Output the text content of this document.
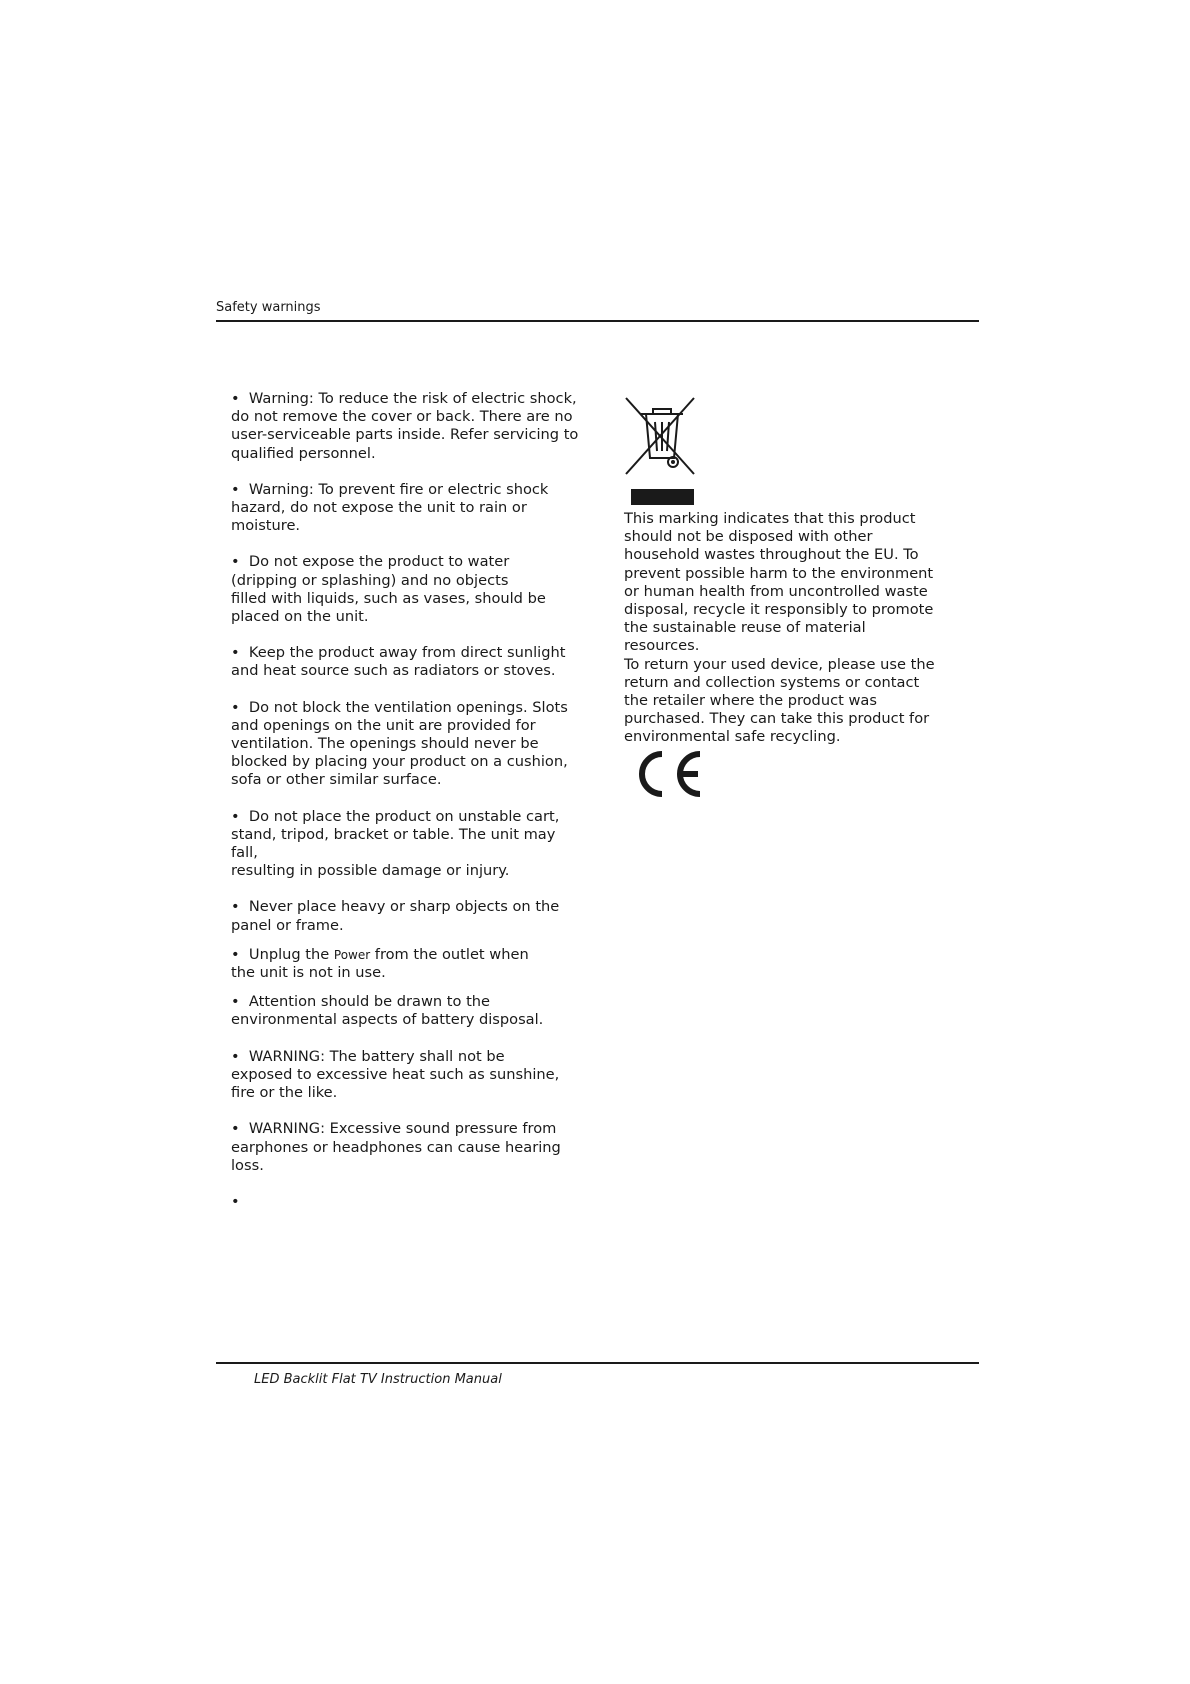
Safety warnings
•  Warning: To reduce the risk of electric shock,
do not remove the cover or back. There are no
user-serviceable parts inside. Refer servicing to
qualified personnel.
•  Warning: To prevent fire or electric shock
hazard, do not expose the unit to rain or
moisture.
•  Do not expose the product to water
(dripping or splashing) and no objects
filled with liquids, such as vases, should be
placed on the unit.
•  Keep the product away from direct sunlight
and heat source such as radiators or stoves.
•  Do not block the ventilation openings. Slots
and openings on the unit are provided for
ventilation. The openings should never be
blocked by placing your product on a cushion,
sofa or other similar surface.
•  Do not place the product on unstable cart,
stand, tripod, bracket or table. The unit may fall,
resulting in possible damage or injury.
•  Never place heavy or sharp objects on the
panel or frame.
•  Unplug the Power from the outlet when
the unit is not in use.
•  Attention should be drawn to the
environmental aspects of battery disposal.
•  WARNING: The battery shall not be
exposed to excessive heat such as sunshine,
fire or the like.
•  WARNING: Excessive sound pressure from
earphones or headphones can cause hearing
loss.
•
This marking indicates that this product
should not be disposed with other
household wastes throughout the EU. To
prevent possible harm to the environment
or human health from uncontrolled waste
disposal, recycle it responsibly to promote
the sustainable reuse of material resources.
To return your used device, please use the
return and collection systems or contact
the retailer where the product was
purchased. They can take this product for
environmental safe recycling.
LED Backlit Flat TV Instruction Manual
